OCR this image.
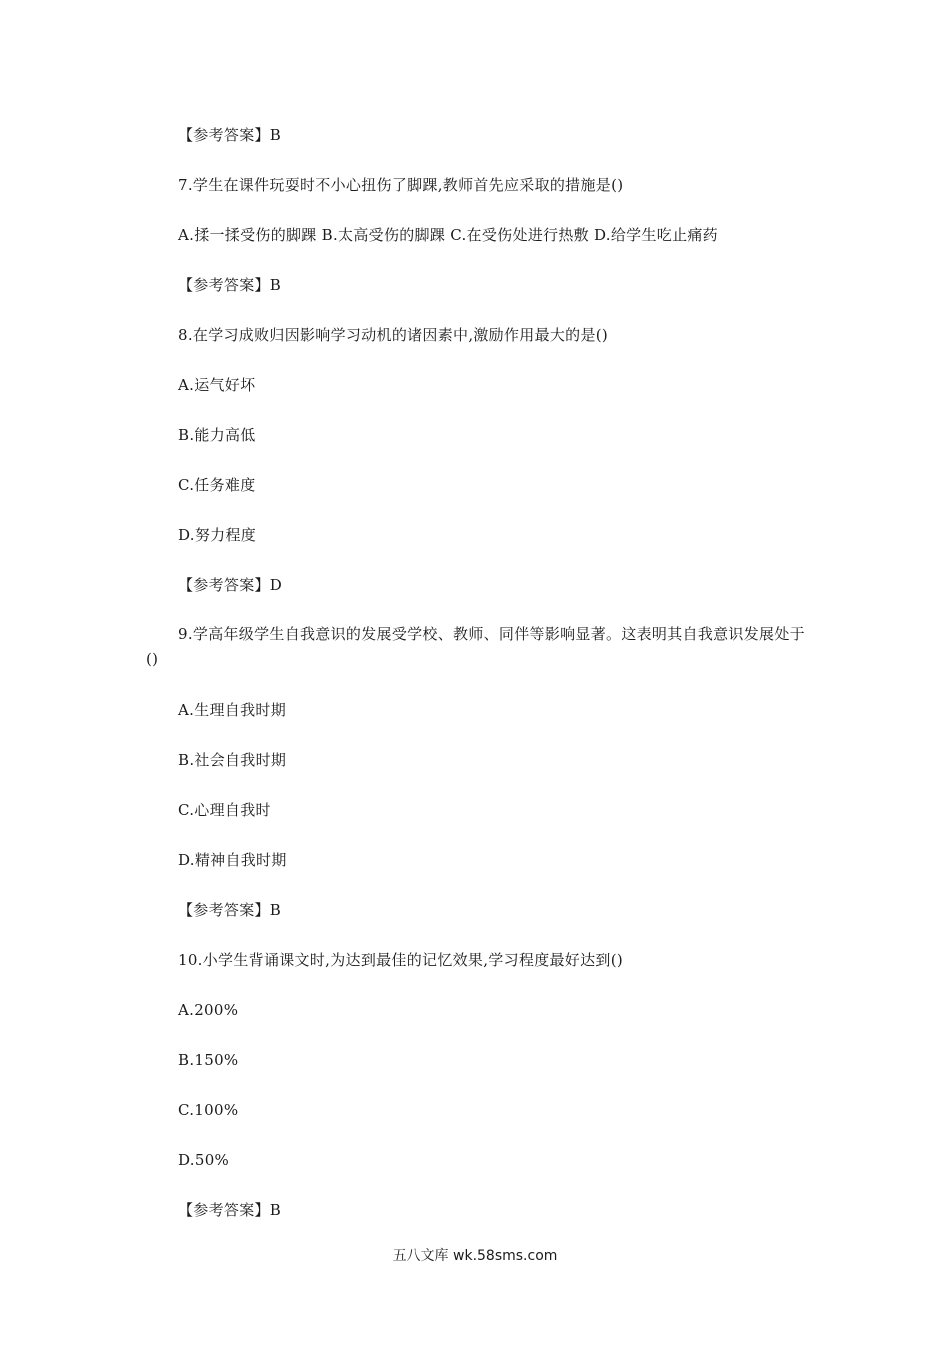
【参考答案】B
7.学生在课件玩耍时不小心扭伤了脚踝,教师首先应采取的措施是()
A.揉一揉受伤的脚踝 B.太高受伤的脚踝 C.在受伤处进行热敷 D.给学生吃止痛药
【参考答案】B
8.在学习成败归因影响学习动机的诸因素中,激励作用最大的是()
A.运气好坏
B.能力高低
C.任务难度
D.努力程度
【参考答案】D
9.学高年级学生自我意识的发展受学校、教师、同伴等影响显著。这表明其自我意识发展处于()
A.生理自我时期
B.社会自我时期
C.心理自我时
D.精神自我时期
【参考答案】B
10.小学生背诵课文时,为达到最佳的记忆效果,学习程度最好达到()
A.200%
B.150%
C.100%
D.50%
【参考答案】B
五八文库 wk.58sms.com
